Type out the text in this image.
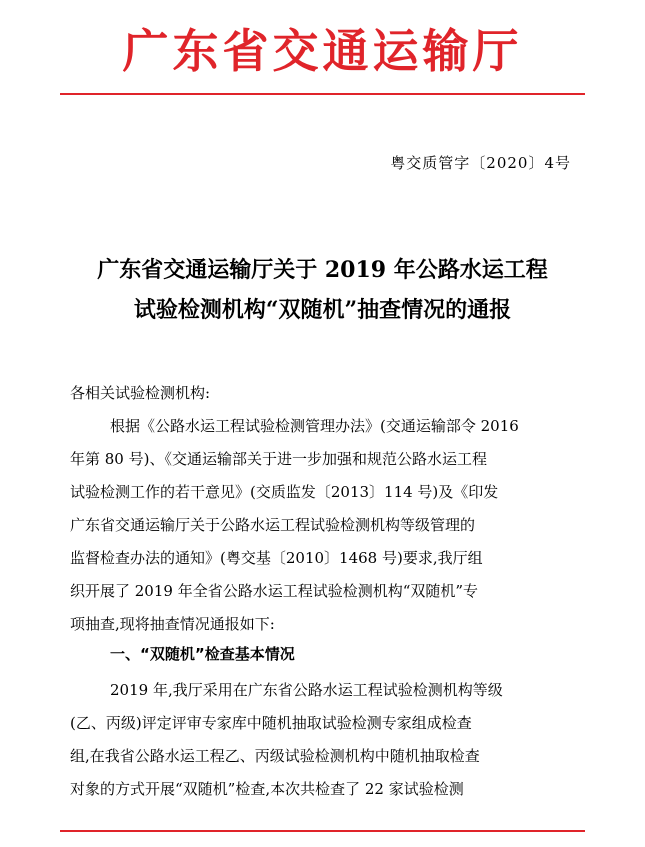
广东省交通运输厅
粤交质管字〔2020〕4号
广东省交通运输厅关于 2019 年公路水运工程
试验检测机构“双随机”抽查情况的通报
各相关试验检测机构:
根据《公路水运工程试验检测管理办法》(交通运输部令 2016
年第 80 号)、《交通运输部关于进一步加强和规范公路水运工程
试验检测工作的若干意见》(交质监发〔2013〕114 号)及《印发
广东省交通运输厅关于公路水运工程试验检测机构等级管理的
监督检查办法的通知》(粤交基〔2010〕1468 号)要求,我厅组
织开展了 2019 年全省公路水运工程试验检测机构“双随机”专
项抽查,现将抽查情况通报如下:
一、“双随机”检查基本情况
2019 年,我厅采用在广东省公路水运工程试验检测机构等级
(乙、丙级)评定评审专家库中随机抽取试验检测专家组成检查
组,在我省公路水运工程乙、丙级试验检测机构中随机抽取检查
对象的方式开展“双随机”检查,本次共检查了 22 家试验检测
